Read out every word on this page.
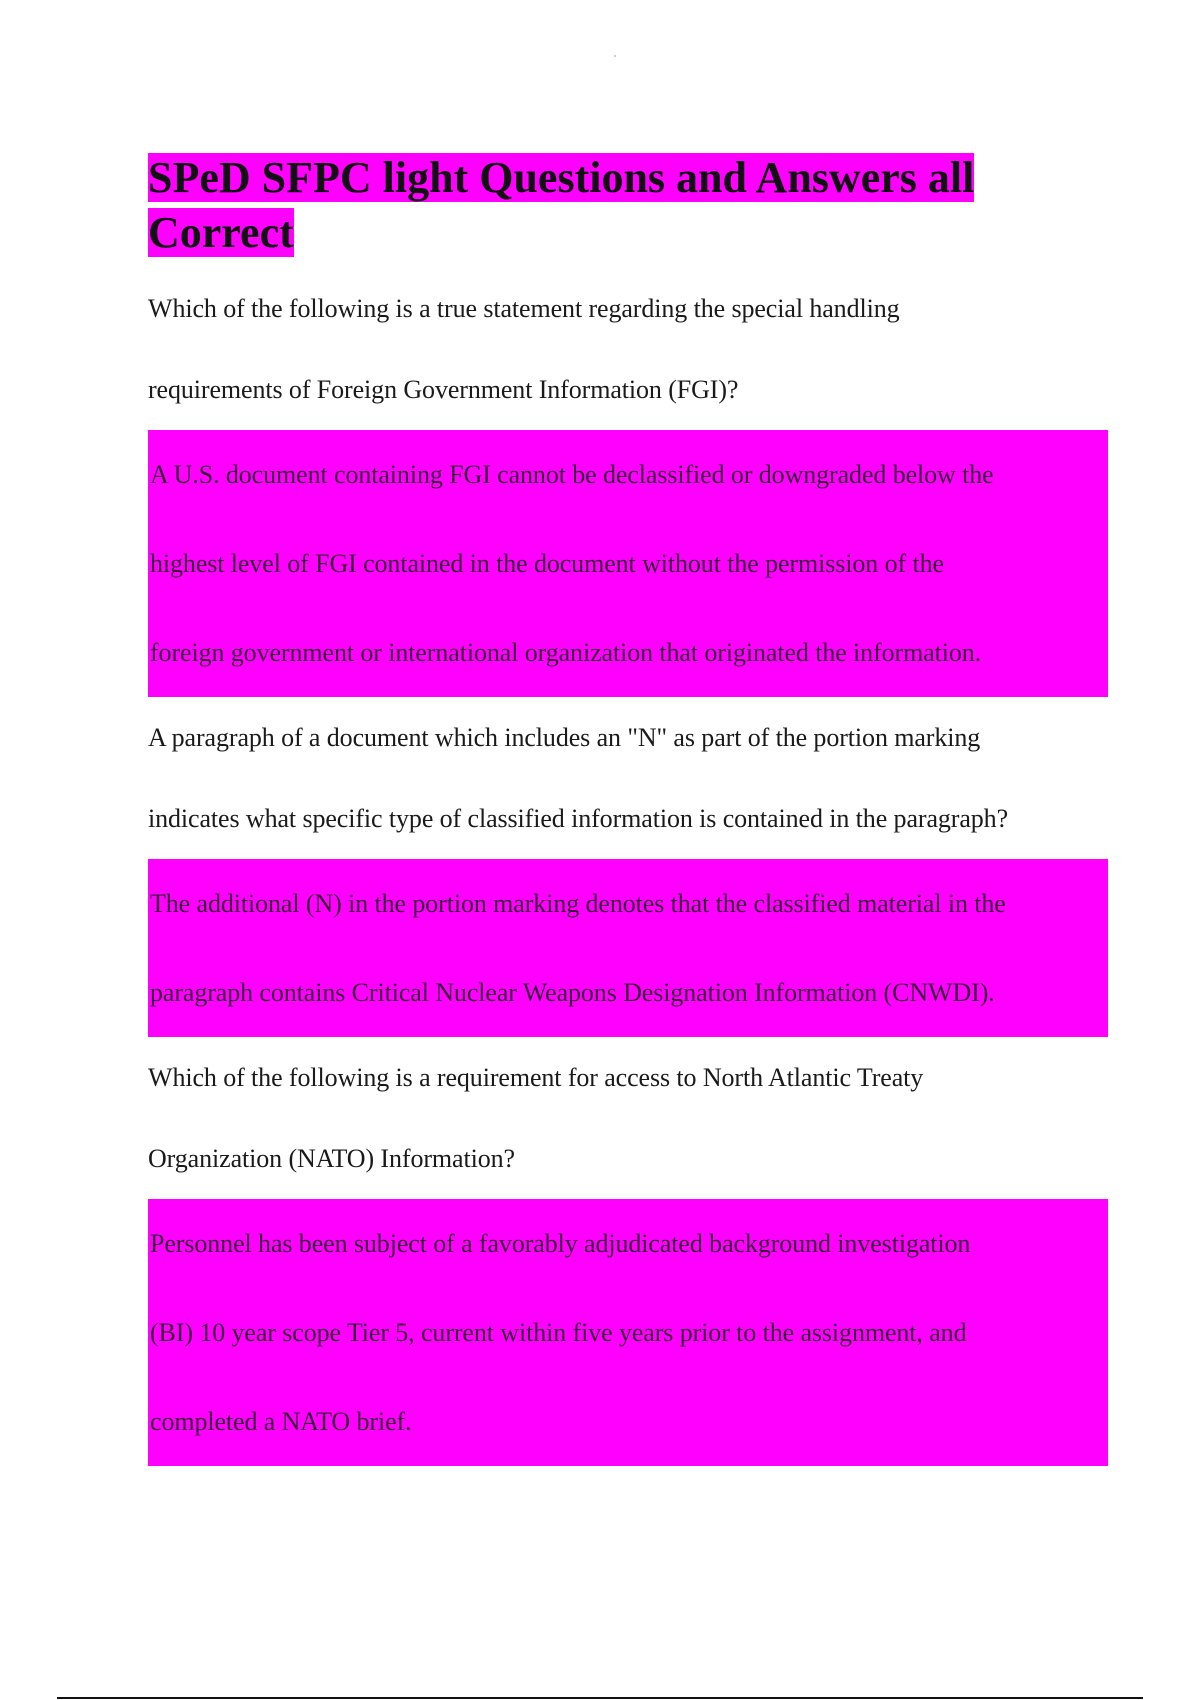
SPeD SFPC light Questions and Answers all Correct
Which of the following is a true statement regarding the special handling
requirements of Foreign Government Information (FGI)?
A U.S. document containing FGI cannot be declassified or downgraded below the
highest level of FGI contained in the document without the permission of the
foreign government or international organization that originated the information.
A paragraph of a document which includes an "N" as part of the portion marking
indicates what specific type of classified information is contained in the paragraph?
The additional (N) in the portion marking denotes that the classified material in the
paragraph contains Critical Nuclear Weapons Designation Information (CNWDI).
Which of the following is a requirement for access to North Atlantic Treaty
Organization (NATO) Information?
Personnel has been subject of a favorably adjudicated background investigation
(BI) 10 year scope Tier 5, current within five years prior to the assignment, and
completed a NATO brief.
